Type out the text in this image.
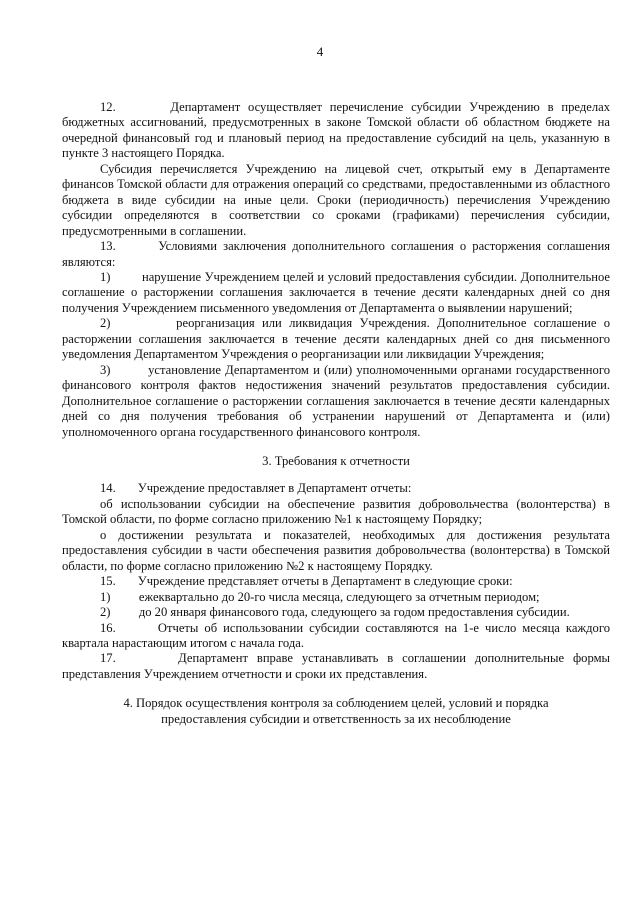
4

12.       Департамент осуществляет перечисление субсидии Учреждению в пределах бюджетных ассигнований, предусмотренных в законе Томской области об областном бюджете на очередной финансовый год и плановый период на предоставление субсидий на цель, указанную в пункте 3 настоящего Порядка.

Субсидия перечисляется Учреждению на лицевой счет, открытый ему в Департаменте финансов Томской области для отражения операций со средствами, предоставленными из областного бюджета в виде субсидии на иные цели. Сроки (периодичность) перечисления Учреждению субсидии определяются в соответствии со сроками (графиками) перечисления субсидии, предусмотренными в соглашении.

13.       Условиями заключения дополнительного соглашения о расторжения соглашения являются:

1)         нарушение Учреждением целей и условий предоставления субсидии. Дополнительное соглашение о расторжении соглашения заключается в течение десяти календарных дней со дня получения Учреждением письменного уведомления от Департамента о выявлении нарушений;

2)         реорганизация или ликвидация Учреждения. Дополнительное соглашение о расторжении соглашения заключается в течение десяти календарных дней со дня письменного уведомления Департаментом Учреждения о реорганизации или ликвидации Учреждения;

3)         установление Департаментом и (или) уполномоченными органами государственного финансового контроля фактов недостижения значений результатов предоставления субсидии. Дополнительное соглашение о расторжении соглашения заключается в течение десяти календарных дней со дня получения требования об устранении нарушений от Департамента и (или) уполномоченного органа государственного финансового контроля.

3. Требования к отчетности

14.       Учреждение предоставляет в Департамент отчеты:

об использовании субсидии на обеспечение развития добровольчества (волонтерства) в Томской области, по форме согласно приложению №1 к настоящему Порядку;

о достижении результата и показателей, необходимых для достижения результата предоставления субсидии в части обеспечения развития добровольчества (волонтерства) в Томской области, по форме согласно приложению №2 к настоящему Порядку.

15.       Учреждение представляет отчеты в Департамент в следующие сроки:

1)         ежеквартально до 20-го числа месяца, следующего за отчетным периодом;

2)         до 20 января финансового года, следующего за годом предоставления субсидии.

16.       Отчеты об использовании субсидии составляются на 1-е число месяца каждого квартала нарастающим итогом с начала года.

17.       Департамент вправе устанавливать в соглашении дополнительные формы представления Учреждением отчетности и сроки их представления.

4. Порядок осуществления контроля за соблюдением целей, условий и порядка

предоставления субсидии и ответственность за их несоблюдение
